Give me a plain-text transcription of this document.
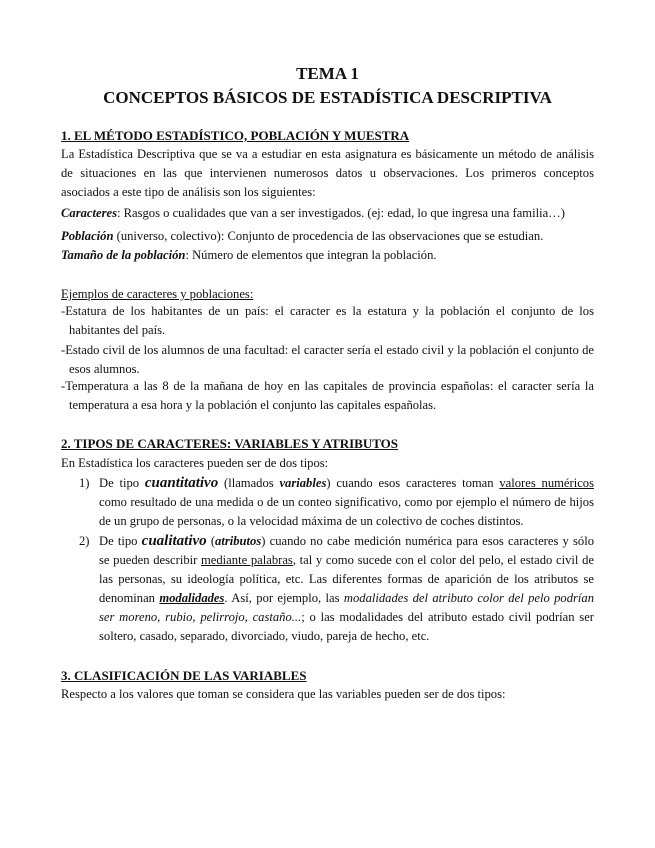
TEMA 1
CONCEPTOS BÁSICOS DE ESTADÍSTICA DESCRIPTIVA
1. EL MÉTODO ESTADÍSTICO, POBLACIÓN Y MUESTRA
La Estadística Descriptiva que se va a estudiar en esta asignatura es básicamente un método de análisis de situaciones en las que intervienen numerosos datos u observaciones. Los primeros conceptos asociados a este tipo de análisis son los siguientes:
Caracteres: Rasgos o cualidades que van a ser investigados. (ej: edad, lo que ingresa una familia…)
Población (universo, colectivo): Conjunto de procedencia de las observaciones que se estudian.
Tamaño de la población: Número de elementos que integran la población.
Ejemplos de caracteres y poblaciones:
-Estatura de los habitantes de un país: el caracter es la estatura y la población el conjunto de los habitantes del país.
-Estado civil de los alumnos de una facultad: el caracter sería el estado civil y la población el conjunto de esos alumnos.
-Temperatura a las 8 de la mañana de hoy en las capitales de provincia españolas: el caracter sería la temperatura a esa hora y la población el conjunto las capitales españolas.
2. TIPOS DE CARACTERES: VARIABLES Y ATRIBUTOS
En Estadística los caracteres pueden ser de dos tipos:
1) De tipo cuantitativo (llamados variables) cuando esos caracteres toman valores numéricos como resultado de una medida o de un conteo significativo, como por ejemplo el número de hijos de un grupo de personas, o la velocidad máxima de un colectivo de coches distintos.
2) De tipo cualitativo (atributos) cuando no cabe medición numérica para esos caracteres y sólo se pueden describir mediante palabras, tal y como sucede con el color del pelo, el estado civil de las personas, su ideología política, etc. Las diferentes formas de aparición de los atributos se denominan modalidades. Así, por ejemplo, las modalidades del atributo color del pelo podrían ser moreno, rubio, pelirrojo, castaño...; o las modalidades del atributo estado civil podrían ser soltero, casado, separado, divorciado, viudo, pareja de hecho, etc.
3. CLASIFICACIÓN DE LAS VARIABLES
Respecto a los valores que toman se considera que las variables pueden ser de dos tipos:
